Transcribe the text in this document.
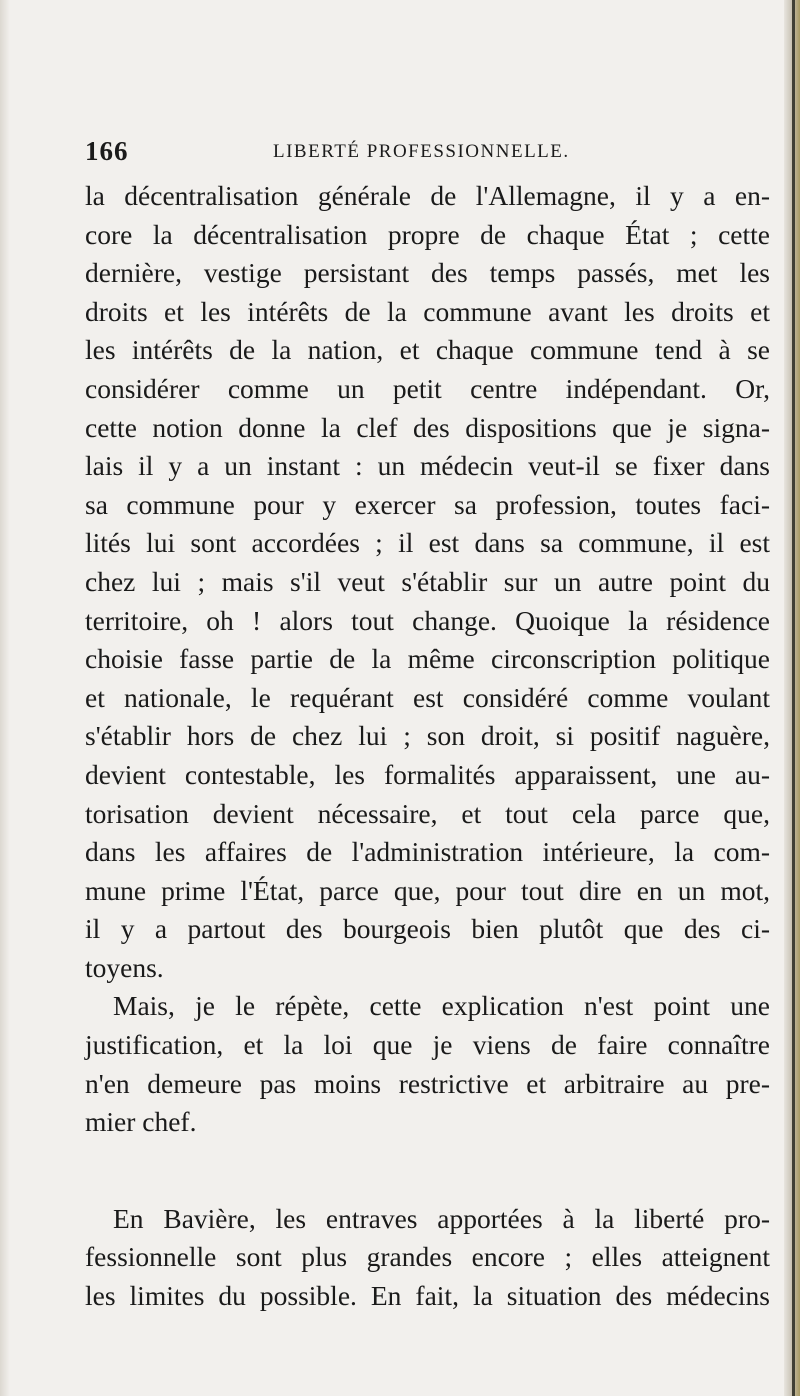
166	LIBERTÉ PROFESSIONNELLE.
la décentralisation générale de l'Allemagne, il y a en-
core la décentralisation propre de chaque État ; cette
dernière, vestige persistant des temps passés, met les
droits et les intérêts de la commune avant les droits et
les intérêts de la nation, et chaque commune tend à se
considérer comme un petit centre indépendant. Or,
cette notion donne la clef des dispositions que je signa-
lais il y a un instant : un médecin veut-il se fixer dans
sa commune pour y exercer sa profession, toutes faci-
lités lui sont accordées ; il est dans sa commune, il est
chez lui ; mais s'il veut s'établir sur un autre point du
territoire, oh ! alors tout change. Quoique la résidence
choisie fasse partie de la même circonscription politique
et nationale, le requérant est considéré comme voulant
s'établir hors de chez lui ; son droit, si positif naguère,
devient contestable, les formalités apparaissent, une au-
torisation devient nécessaire, et tout cela parce que,
dans les affaires de l'administration intérieure, la com-
mune prime l'État, parce que, pour tout dire en un mot,
il y a partout des bourgeois bien plutôt que des ci-
toyens.
Mais, je le répète, cette explication n'est point une
justification, et la loi que je viens de faire connaître
n'en demeure pas moins restrictive et arbitraire au pre-
mier chef.
En Bavière, les entraves apportées à la liberté pro-
fessionnelle sont plus grandes encore ; elles atteignent
les limites du possible. En fait, la situation des médecins
